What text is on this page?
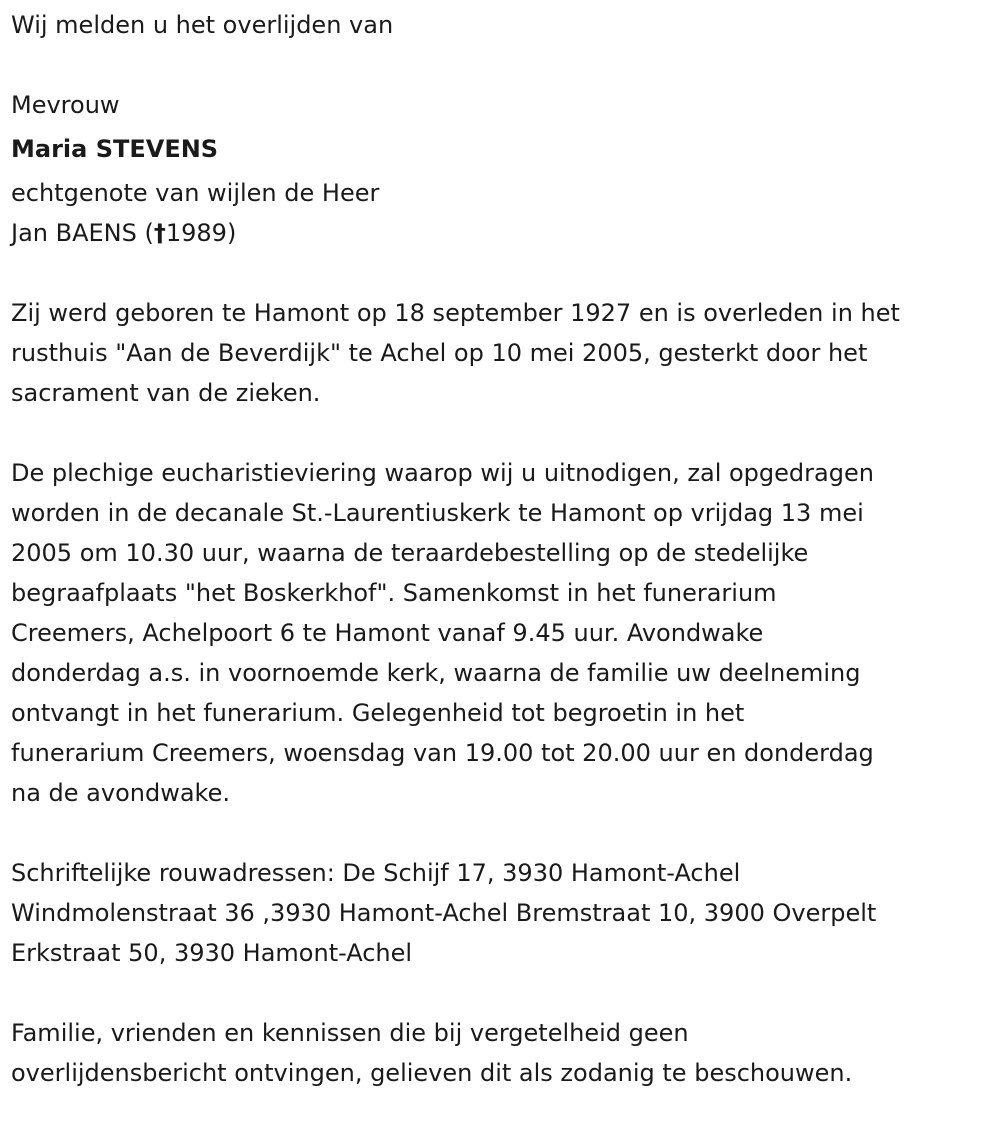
Wij melden u het overlijden van
Mevrouw
Maria STEVENS
echtgenote van wijlen de Heer
Jan BAENS (†1989)
Zij werd geboren te Hamont op 18 september 1927 en is overleden in het
rusthuis "Aan de Beverdijk" te Achel op 10 mei 2005, gesterkt door het
sacrament van de zieken.
De plechige eucharistieviering waarop wij u uitnodigen, zal opgedragen
worden in de decanale St.-Laurentiuskerk te Hamont op vrijdag 13 mei
2005 om 10.30 uur, waarna de teraardebestelling op de stedelijke
begraafplaats "het Boskerkhof". Samenkomst in het funerarium
Creemers, Achelpoort 6 te Hamont vanaf 9.45 uur. Avondwake
donderdag a.s. in voornoemde kerk, waarna de familie uw deelneming
ontvangt in het funerarium. Gelegenheid tot begroetin in het
funerarium Creemers, woensdag van 19.00 tot 20.00 uur en donderdag
na de avondwake.
Schriftelijke rouwadressen: De Schijf 17, 3930 Hamont-Achel
Windmolenstraat 36 ,3930 Hamont-Achel Bremstraat 10, 3900 Overpelt
Erkstraat 50, 3930 Hamont-Achel
Familie, vrienden en kennissen die bij vergetelheid geen
overlijdensbericht ontvingen, gelieven dit als zodanig te beschouwen.
